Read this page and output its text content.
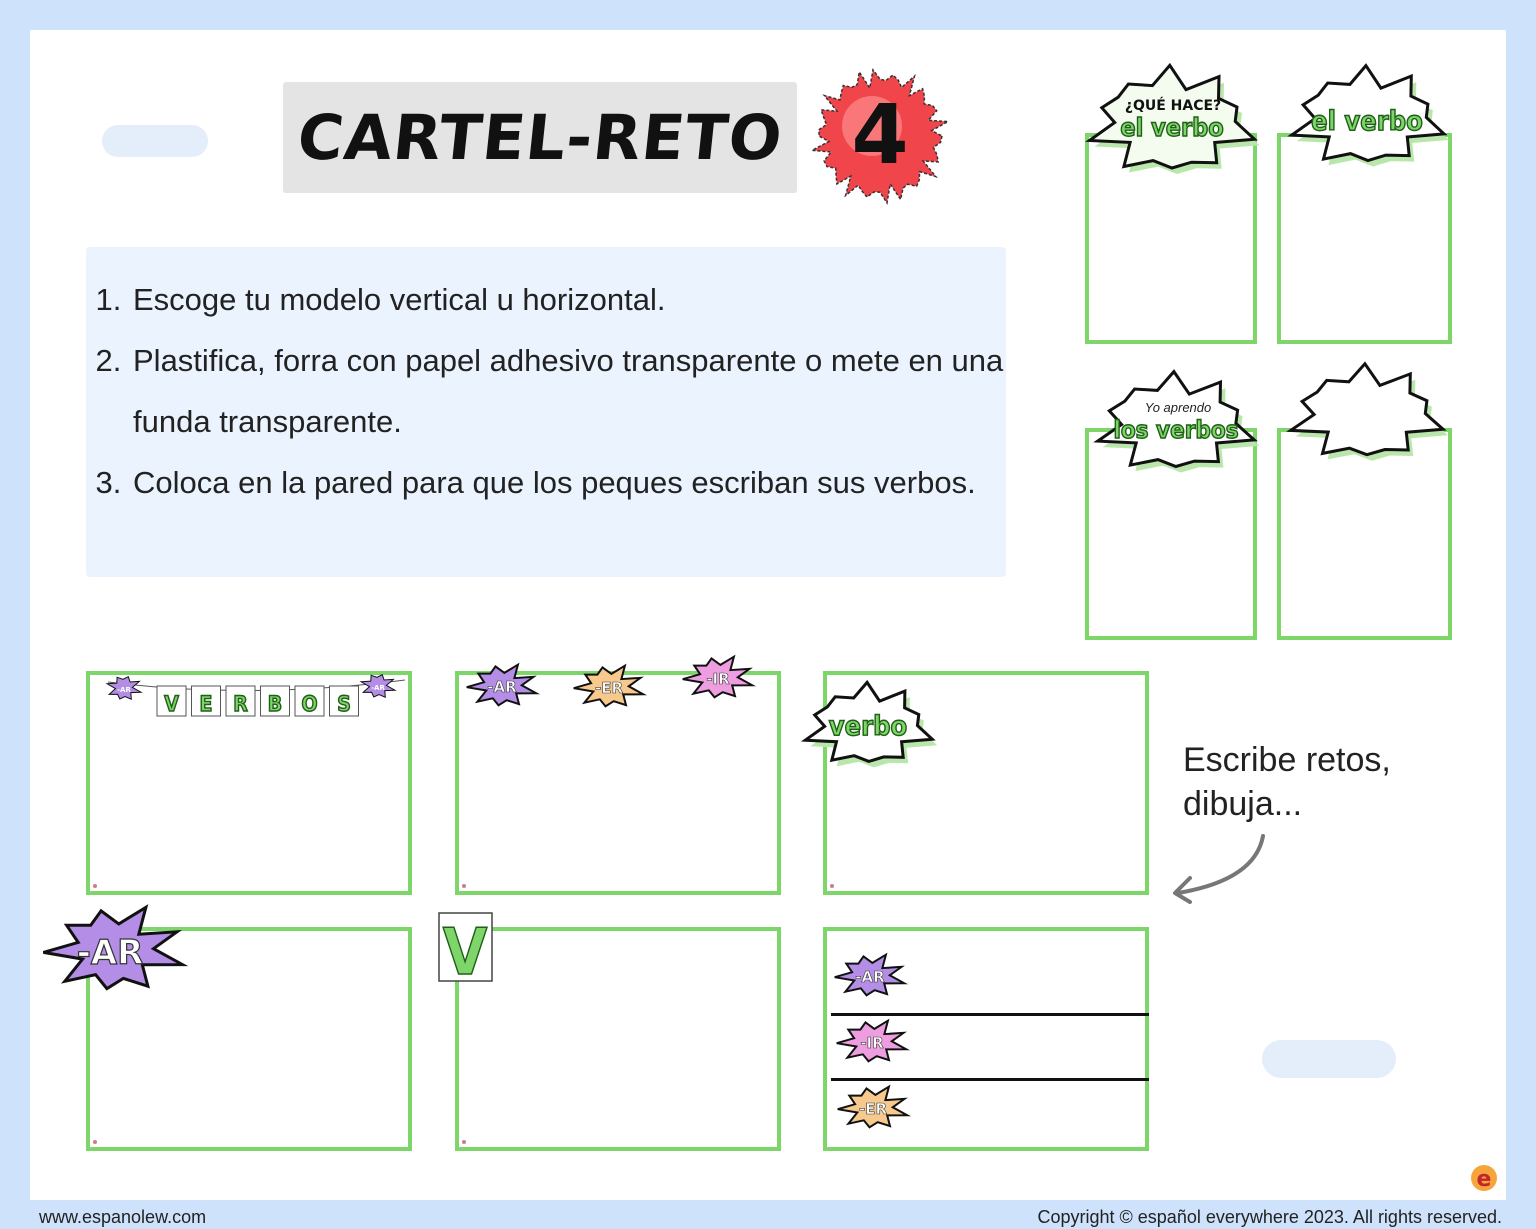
CARTEL-RETO
1. Escoge tu modelo vertical u horizontal.
2. Plastifica, forra con papel adhesivo transparente o mete en una funda transparente.
3. Coloca en la pared para que los peques escriban sus verbos.
4	¿QUÉ HACE?
el verbo	el verbo
Yo aprendo
los verbos
-AR	-AR
V E R B O S
-AR	-ER	-IR
verbo
-AR	V	-AR
-IR
-ER
e
Escribe retos,
dibuja...
www.espanolew.com	Copyright © español everywhere 2023. All rights reserved.
